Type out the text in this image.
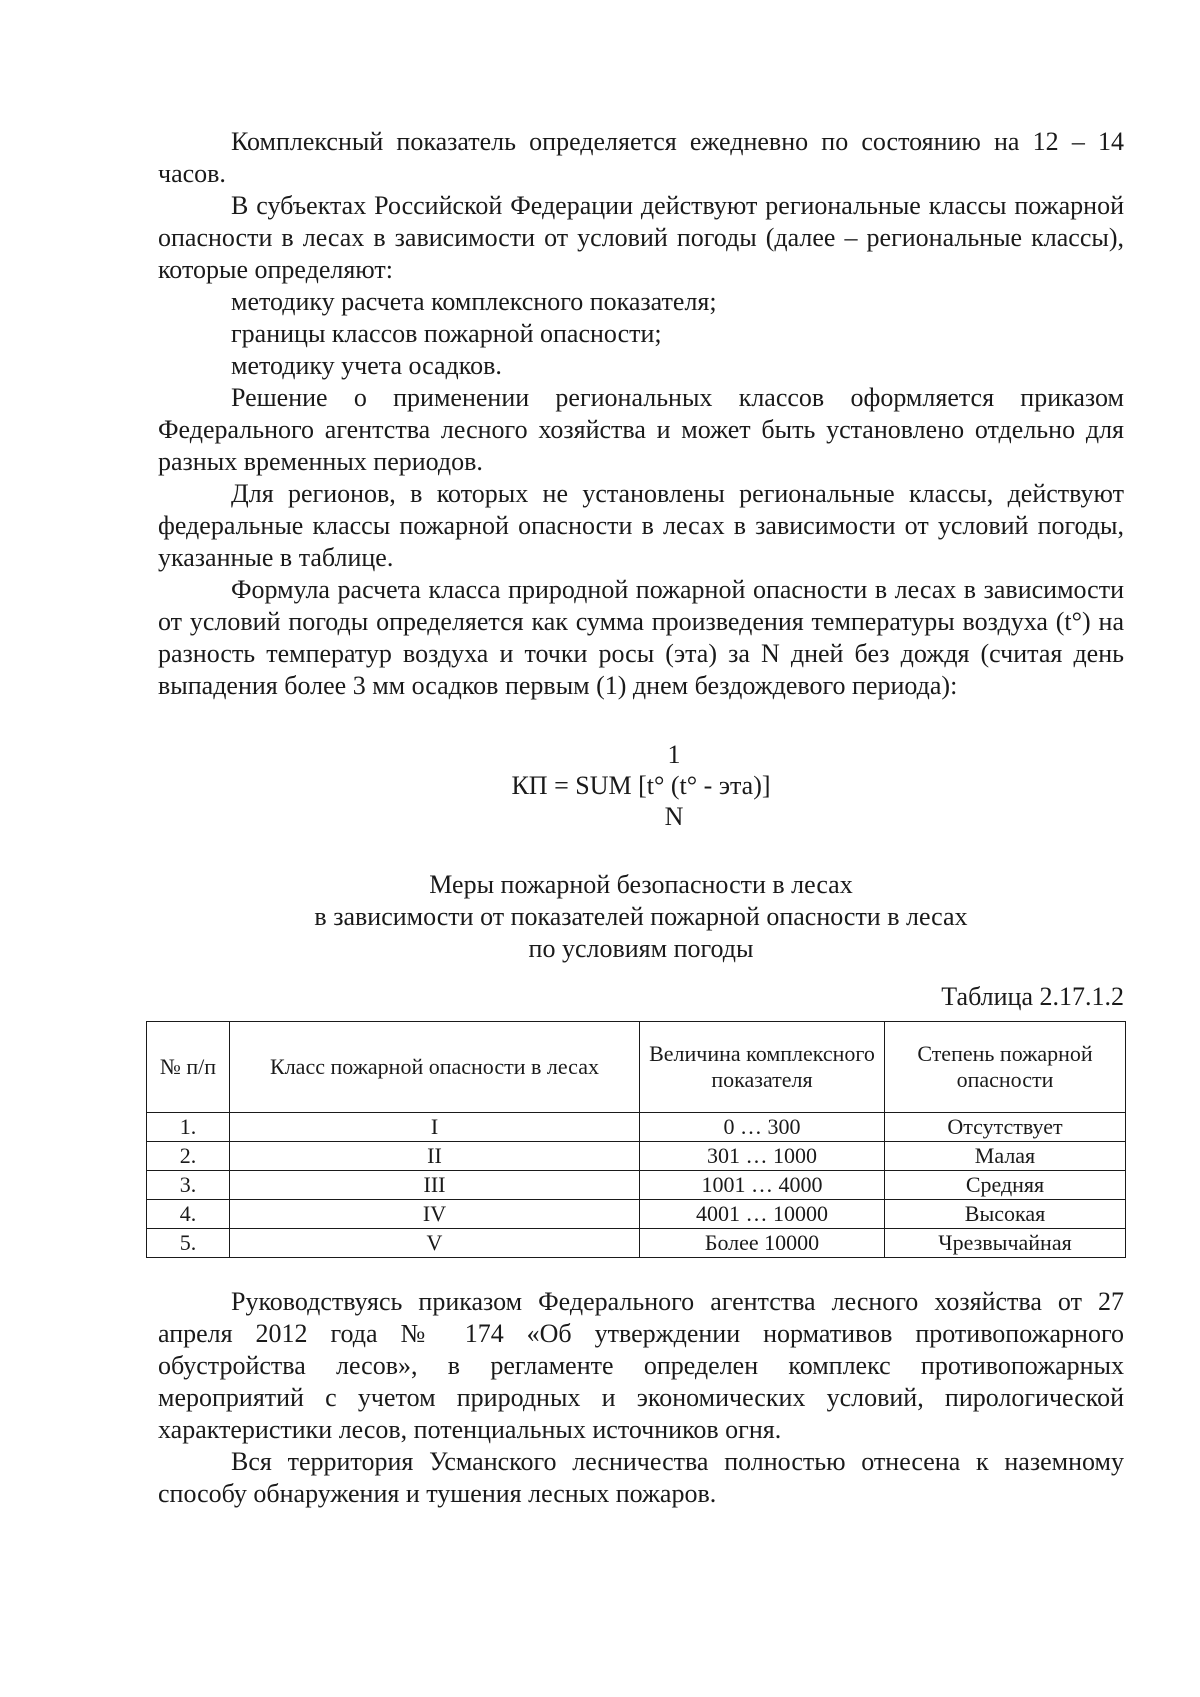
Комплексный показатель определяется ежедневно по состоянию на 12 – 14 часов.

В субъектах Российской Федерации действуют региональные классы пожарной опасности в лесах в зависимости от условий погоды (далее – региональные классы), которые определяют:

методику расчета комплексного показателя;

границы классов пожарной опасности;

методику учета осадков.

Решение о применении региональных классов оформляется приказом Федерального агентства лесного хозяйства и может быть установлено отдельно для разных временных периодов.

Для регионов, в которых не установлены региональные классы, действуют федеральные классы пожарной опасности в лесах в зависимости от условий погоды, указанные в таблице.

Формула расчета класса природной пожарной опасности в лесах в зависимости от условий погоды определяется как сумма произведения температуры воздуха (t°) на разность температур воздуха и точки росы (эта) за N дней без дождя (считая день выпадения более 3 мм осадков первым (1) днем бездождевого периода):

1
КП = SUM [t° (t° - эта)]
N
Меры пожарной безопасности в лесах
в зависимости от показателей пожарной опасности в лесах
по условиям погоды
Таблица 2.17.1.2
№ п/п	Класс пожарной опасности в лесах	Величина комплексного показателя	Степень пожарной опасности
1.	I	0 … 300	Отсутствует
2.	II	301 … 1000	Малая
3.	III	1001 … 4000	Средняя
4.	IV	4001 … 10000	Высокая
5.	V	Более 10000	Чрезвычайная

Руководствуясь приказом Федерального агентства лесного хозяйства от 27 апреля 2012 года № 174 «Об утверждении нормативов противопожарного обустройства лесов», в регламенте определен комплекс противопожарных мероприятий с учетом природных и экономических условий, пирологической характеристики лесов, потенциальных источников огня.

Вся территория Усманского лесничества полностью отнесена к наземному способу обнаружения и тушения лесных пожаров.
